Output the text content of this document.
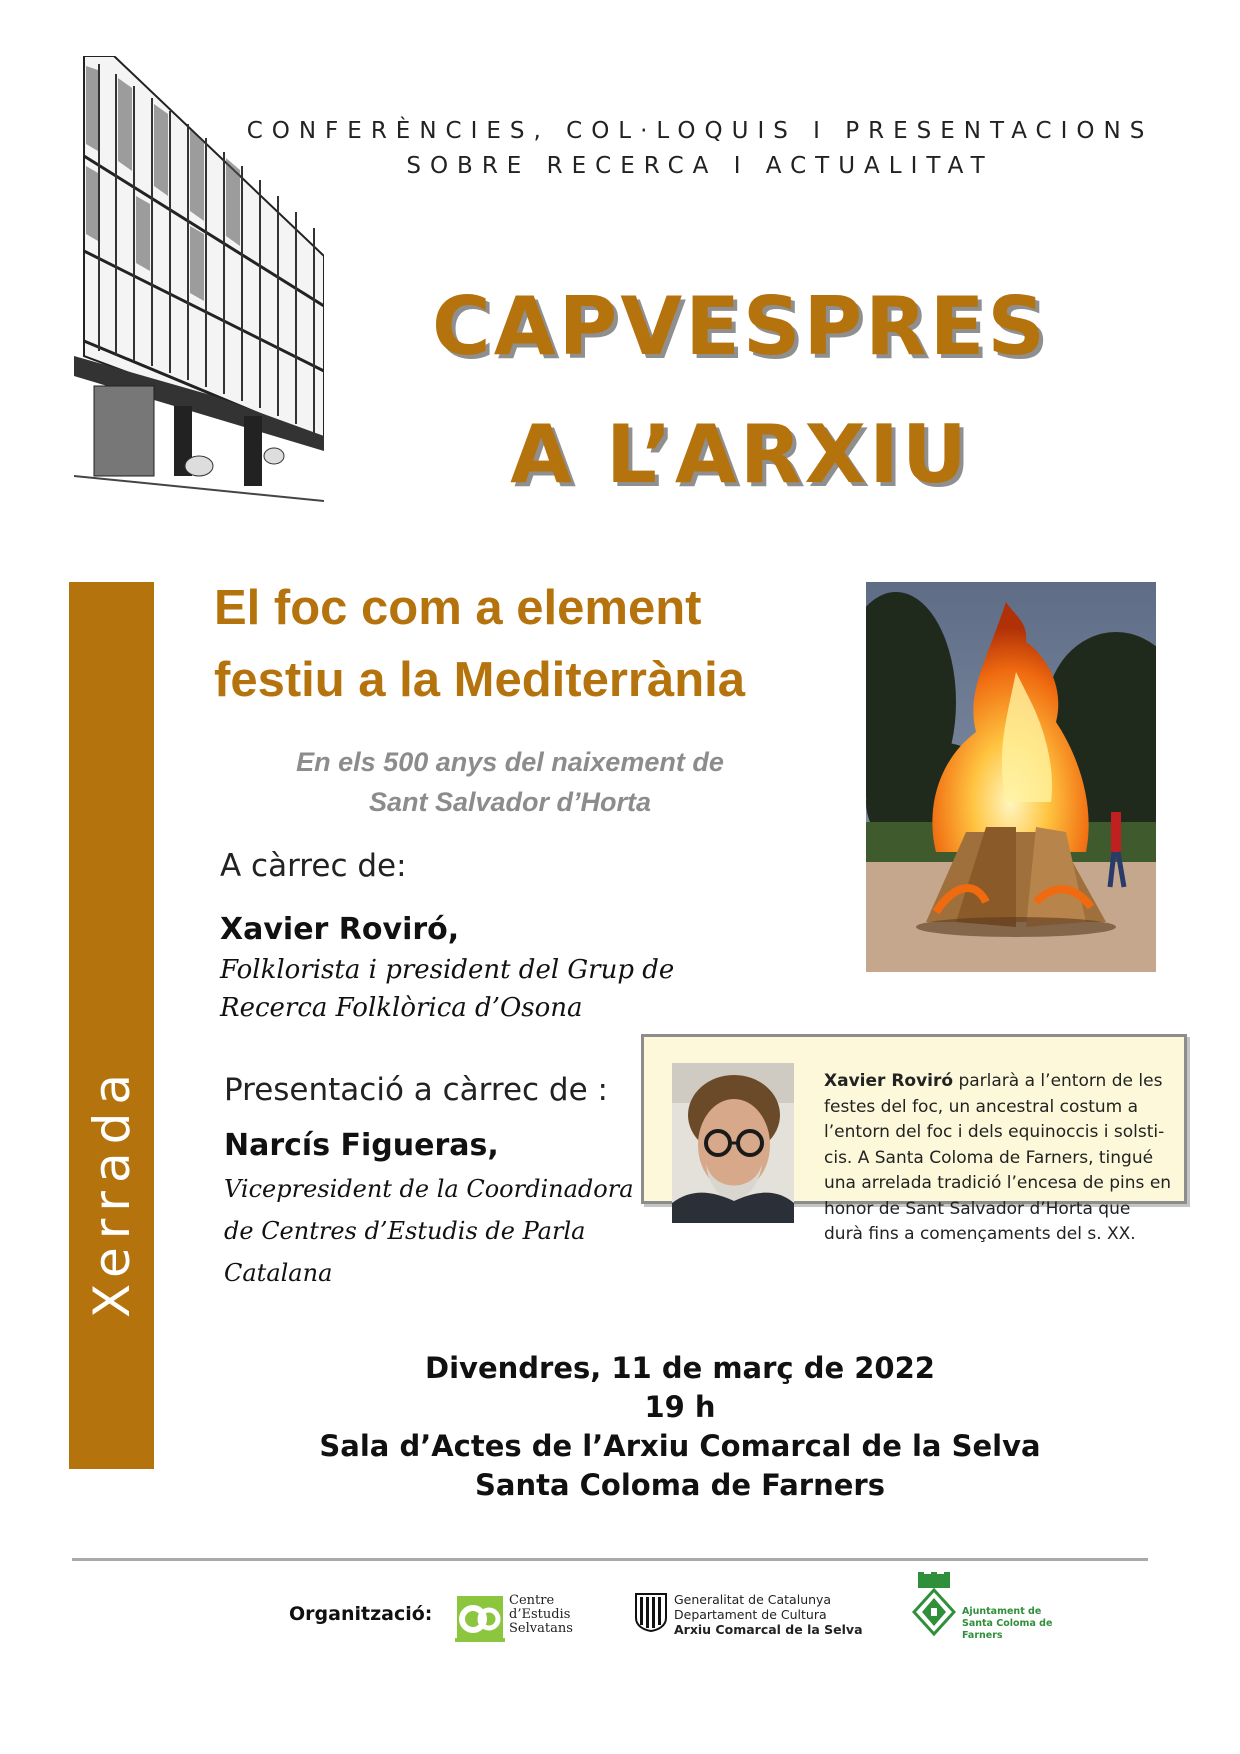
CONFERÈNCIES, COL·LOQUIS I PRESENTACIONS
SOBRE RECERCA I ACTUALITAT
CAPVESPRES
A L’ARXIU
Xerrada
El foc com a element
festiu a la Mediterrània
En els 500 anys del naixement de
Sant Salvador d’Horta
A càrrec de:
Xavier Roviró,
Folklorista i president del Grup de
Recerca Folklòrica d’Osona
Presentació a càrrec de :
Narcís Figueras,
Vicepresident de la Coordinadora
de Centres d’Estudis de Parla
Catalana
Xavier Roviró parlarà a l’entorn de les
festes del foc, un ancestral costum a
l’entorn del foc i dels equinoccis i solsti-
cis. A Santa Coloma de Farners, tingué
una arrelada tradició l’encesa de pins en
honor de Sant Salvador d’Horta que
durà fins a començaments del s. XX.
Divendres, 11 de març de 2022
19 h
Sala d’Actes de l’Arxiu Comarcal de la Selva
Santa Coloma de Farners
Organització:
Centre
d’Estudis
Selvatans
Generalitat de Catalunya
Departament de Cultura
Arxiu Comarcal de la Selva
Ajuntament de
Santa Coloma de Farners
